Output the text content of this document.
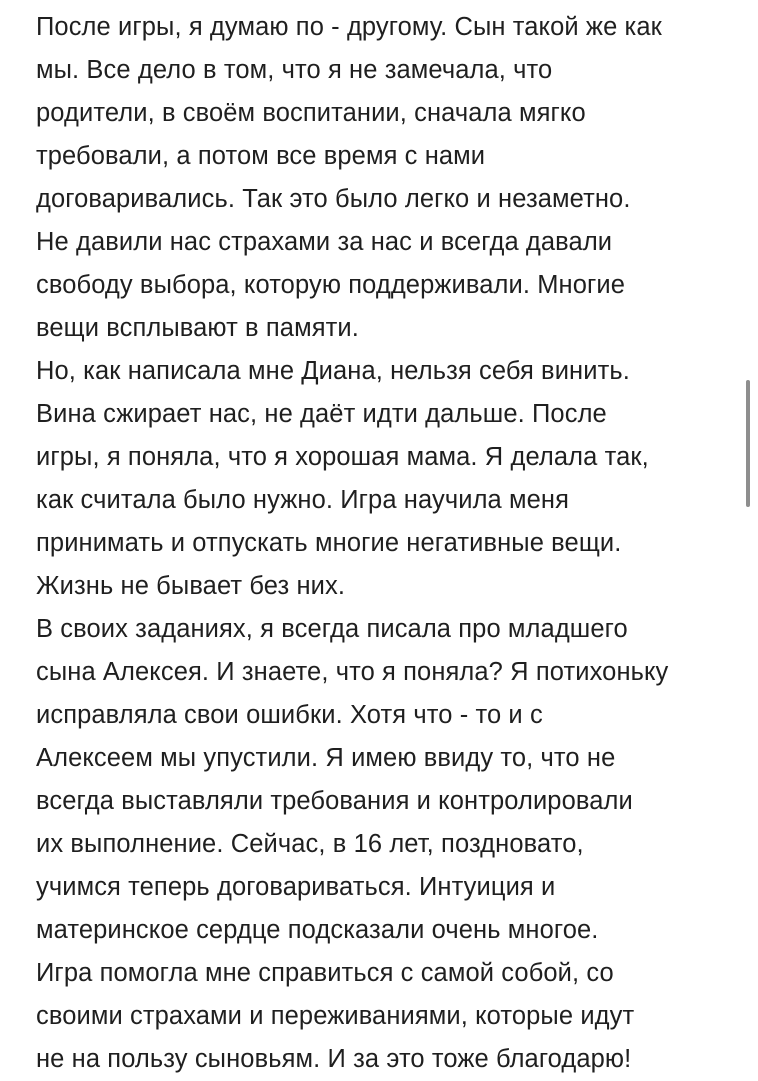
После игры, я думаю по - другому. Сын такой же как
мы. Все дело в том, что я не замечала, что
родители, в своём воспитании, сначала мягко
требовали, а потом все время с нами
договаривались. Так это было легко и незаметно.
Не давили нас страхами за нас и всегда давали
свободу выбора, которую поддерживали. Многие
вещи всплывают в памяти.
Но, как написала мне Диана, нельзя себя винить.
Вина сжирает нас, не даёт идти дальше. После
игры, я поняла, что я хорошая мама. Я делала так,
как считала было нужно. Игра научила меня
принимать и отпускать многие негативные вещи.
Жизнь не бывает без них.
В своих заданиях, я всегда писала про младшего
сына Алексея. И знаете, что я поняла? Я потихоньку
исправляла свои ошибки. Хотя что - то и с
Алексеем мы упустили. Я имею ввиду то, что не
всегда выставляли требования и контролировали
их выполнение. Сейчас, в 16 лет, поздновато,
учимся теперь договариваться. Интуиция и
материнское сердце подсказали очень многое.
Игра помогла мне справиться с самой собой, со
своими страхами и переживаниями, которые идут
не на пользу сыновьям. И за это тоже благодарю!
